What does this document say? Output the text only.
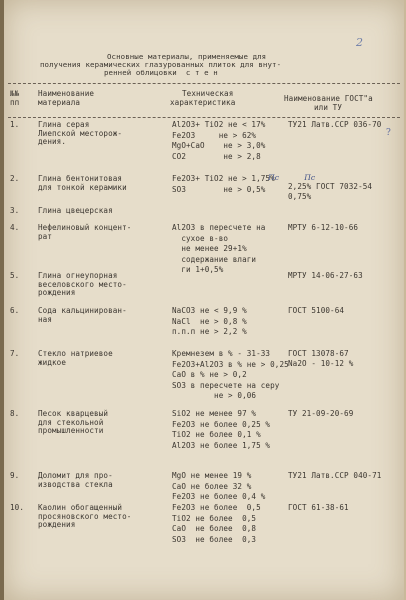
2
Основные материалы, применяемые для
получения керамических глазурованных плиток для внут-
ренней облицовки  с т е н
№№
пп
Наименование
материала
Техническая
характеристика	Наименование ГОСТ"а
или ТУ
1. Глина серая
Лиепской месторож-
дения.
Al2O3+ TiO2 не < 17%
Fe2O3     не > 62%
MgO+CaO    не > 3,0%
CO2        не > 2,8
ТУ21 Латв.ССР 036-70
2. Глина бентонитовая
для тонкой керамики
Fe2O3+ TiO2 не > 1,75%
SO3        не > 0,5%	2,25% ГОСТ 7032-54
0,75%
Пс          Пс
3. Глина цвецерская
4. Нефелиновый концент-
рат
Al2O3 в пересчете на
сухое в-во
не менее 29+1%
содержание влаги
ги 1+0,5%
МРТУ 6-12-10-66
5. Глина огнеупорная
веселовского место-
рождения
МРТУ 14-06-27-63
6. Сода кальцинирован-
ная
NaCO3 не < 9,9 %
NaCl  не > 0,8 %
п.п.п не > 2,2 %
ГОСТ 5100-64
7. Стекло натриевое
жидкое
Кремнезем в % - 31-33
Fe2O3+Al2O3 в % не > 0,25
CaO в % не > 0,2
SO3 в пересчете на серу
не > 0,06
ГОСТ 13078-67
Na2O - 10-12 %
8. Песок кварцевый
для стекольной
промышленности
SiO2 не менее 97 %
Fe2O3 не более 0,25 %
TiO2 не более 0,1 %
Al2O3 не более 1,75 %
ТУ 21-09-20-69
9. Доломит для про-
изводства стекла
MgO не менее 19 %
CaO не более 32 %
Fe2O3 не более 0,4 %
ТУ21 Латв.ССР 040-71
10. Каолин обогащенный
просяновского место-
рождения
Fe2O3 не более  0,5
TiO2 не более  0,5
CaO  не более  0,8
SO3  не более  0,3
ГОСТ 61-38-61
?
